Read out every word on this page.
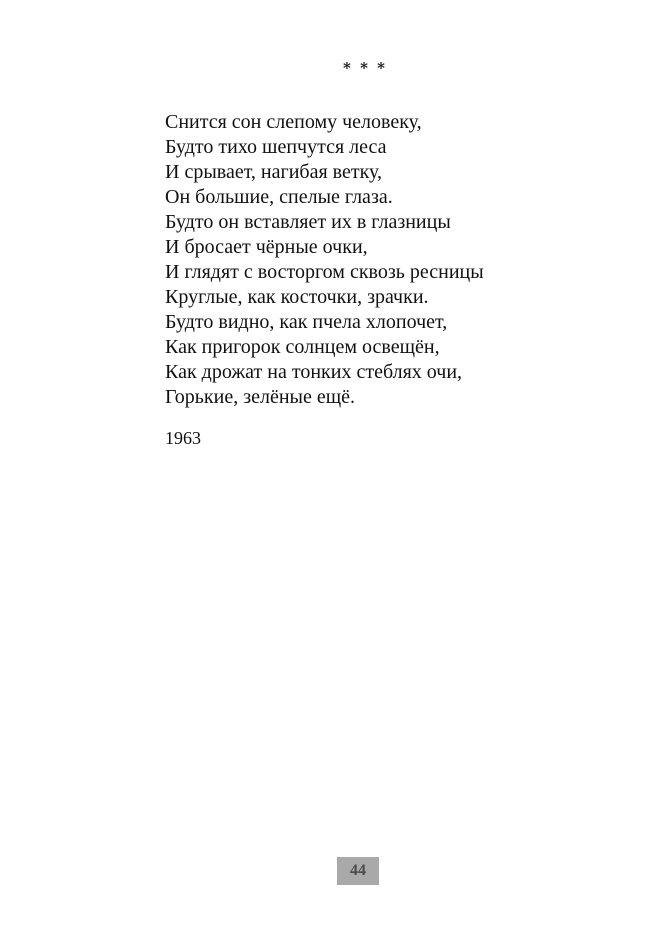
* * *
Снится сон слепому человеку,
Будто тихо шепчутся леса
И срывает, нагибая ветку,
Он большие, спелые глаза.
Будто он вставляет их в глазницы
И бросает чёрные очки,
И глядят с восторгом сквозь ресницы
Круглые, как косточки, зрачки.
Будто видно, как пчела хлопочет,
Как пригорок солнцем освещён,
Как дрожат на тонких стеблях очи,
Горькие, зелёные ещё.
1963
44
